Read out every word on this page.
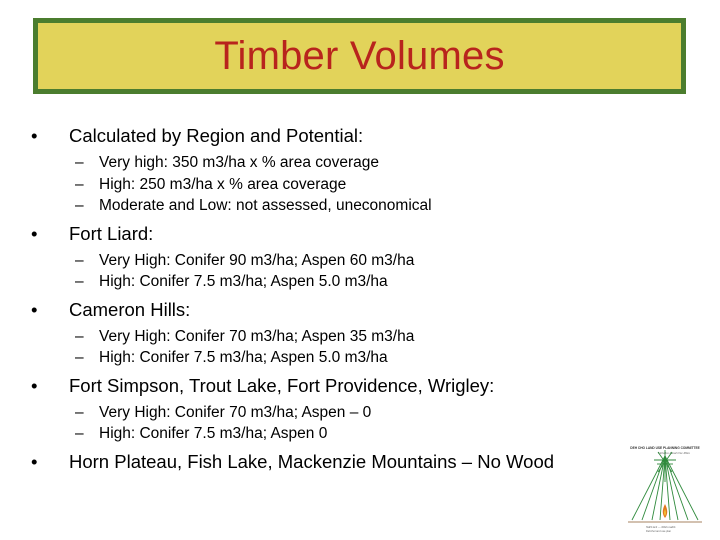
Timber Volumes
• Calculated by Region and Potential:
– Very high: 350 m3/ha x % area coverage
– High: 250 m3/ha x % area coverage
– Moderate and Low: not assessed, uneconomical
• Fort Liard:
– Very High: Conifer 90 m3/ha; Aspen 60 m3/ha
– High: Conifer 7.5 m3/ha; Aspen 5.0 m3/ha
• Cameron Hills:
– Very High: Conifer 70 m3/ha; Aspen 35 m3/ha
– High: Conifer 7.5 m3/ha; Aspen 5.0 m3/ha
• Fort Simpson, Trout Lake, Fort Providence, Wrigley:
– Very High: Conifer 70 m3/ha; Aspen – 0
– High: Conifer 7.5 m3/ha; Aspen 0
• Horn Plateau, Fish Lake, Mackenzie Mountains – No Wood
DEH CHO LAND USE PLANNING COMMITTEE
Dehcho Land Use Plan
Ndéh keh — Ndeh nadih
Dehcho land use plan
